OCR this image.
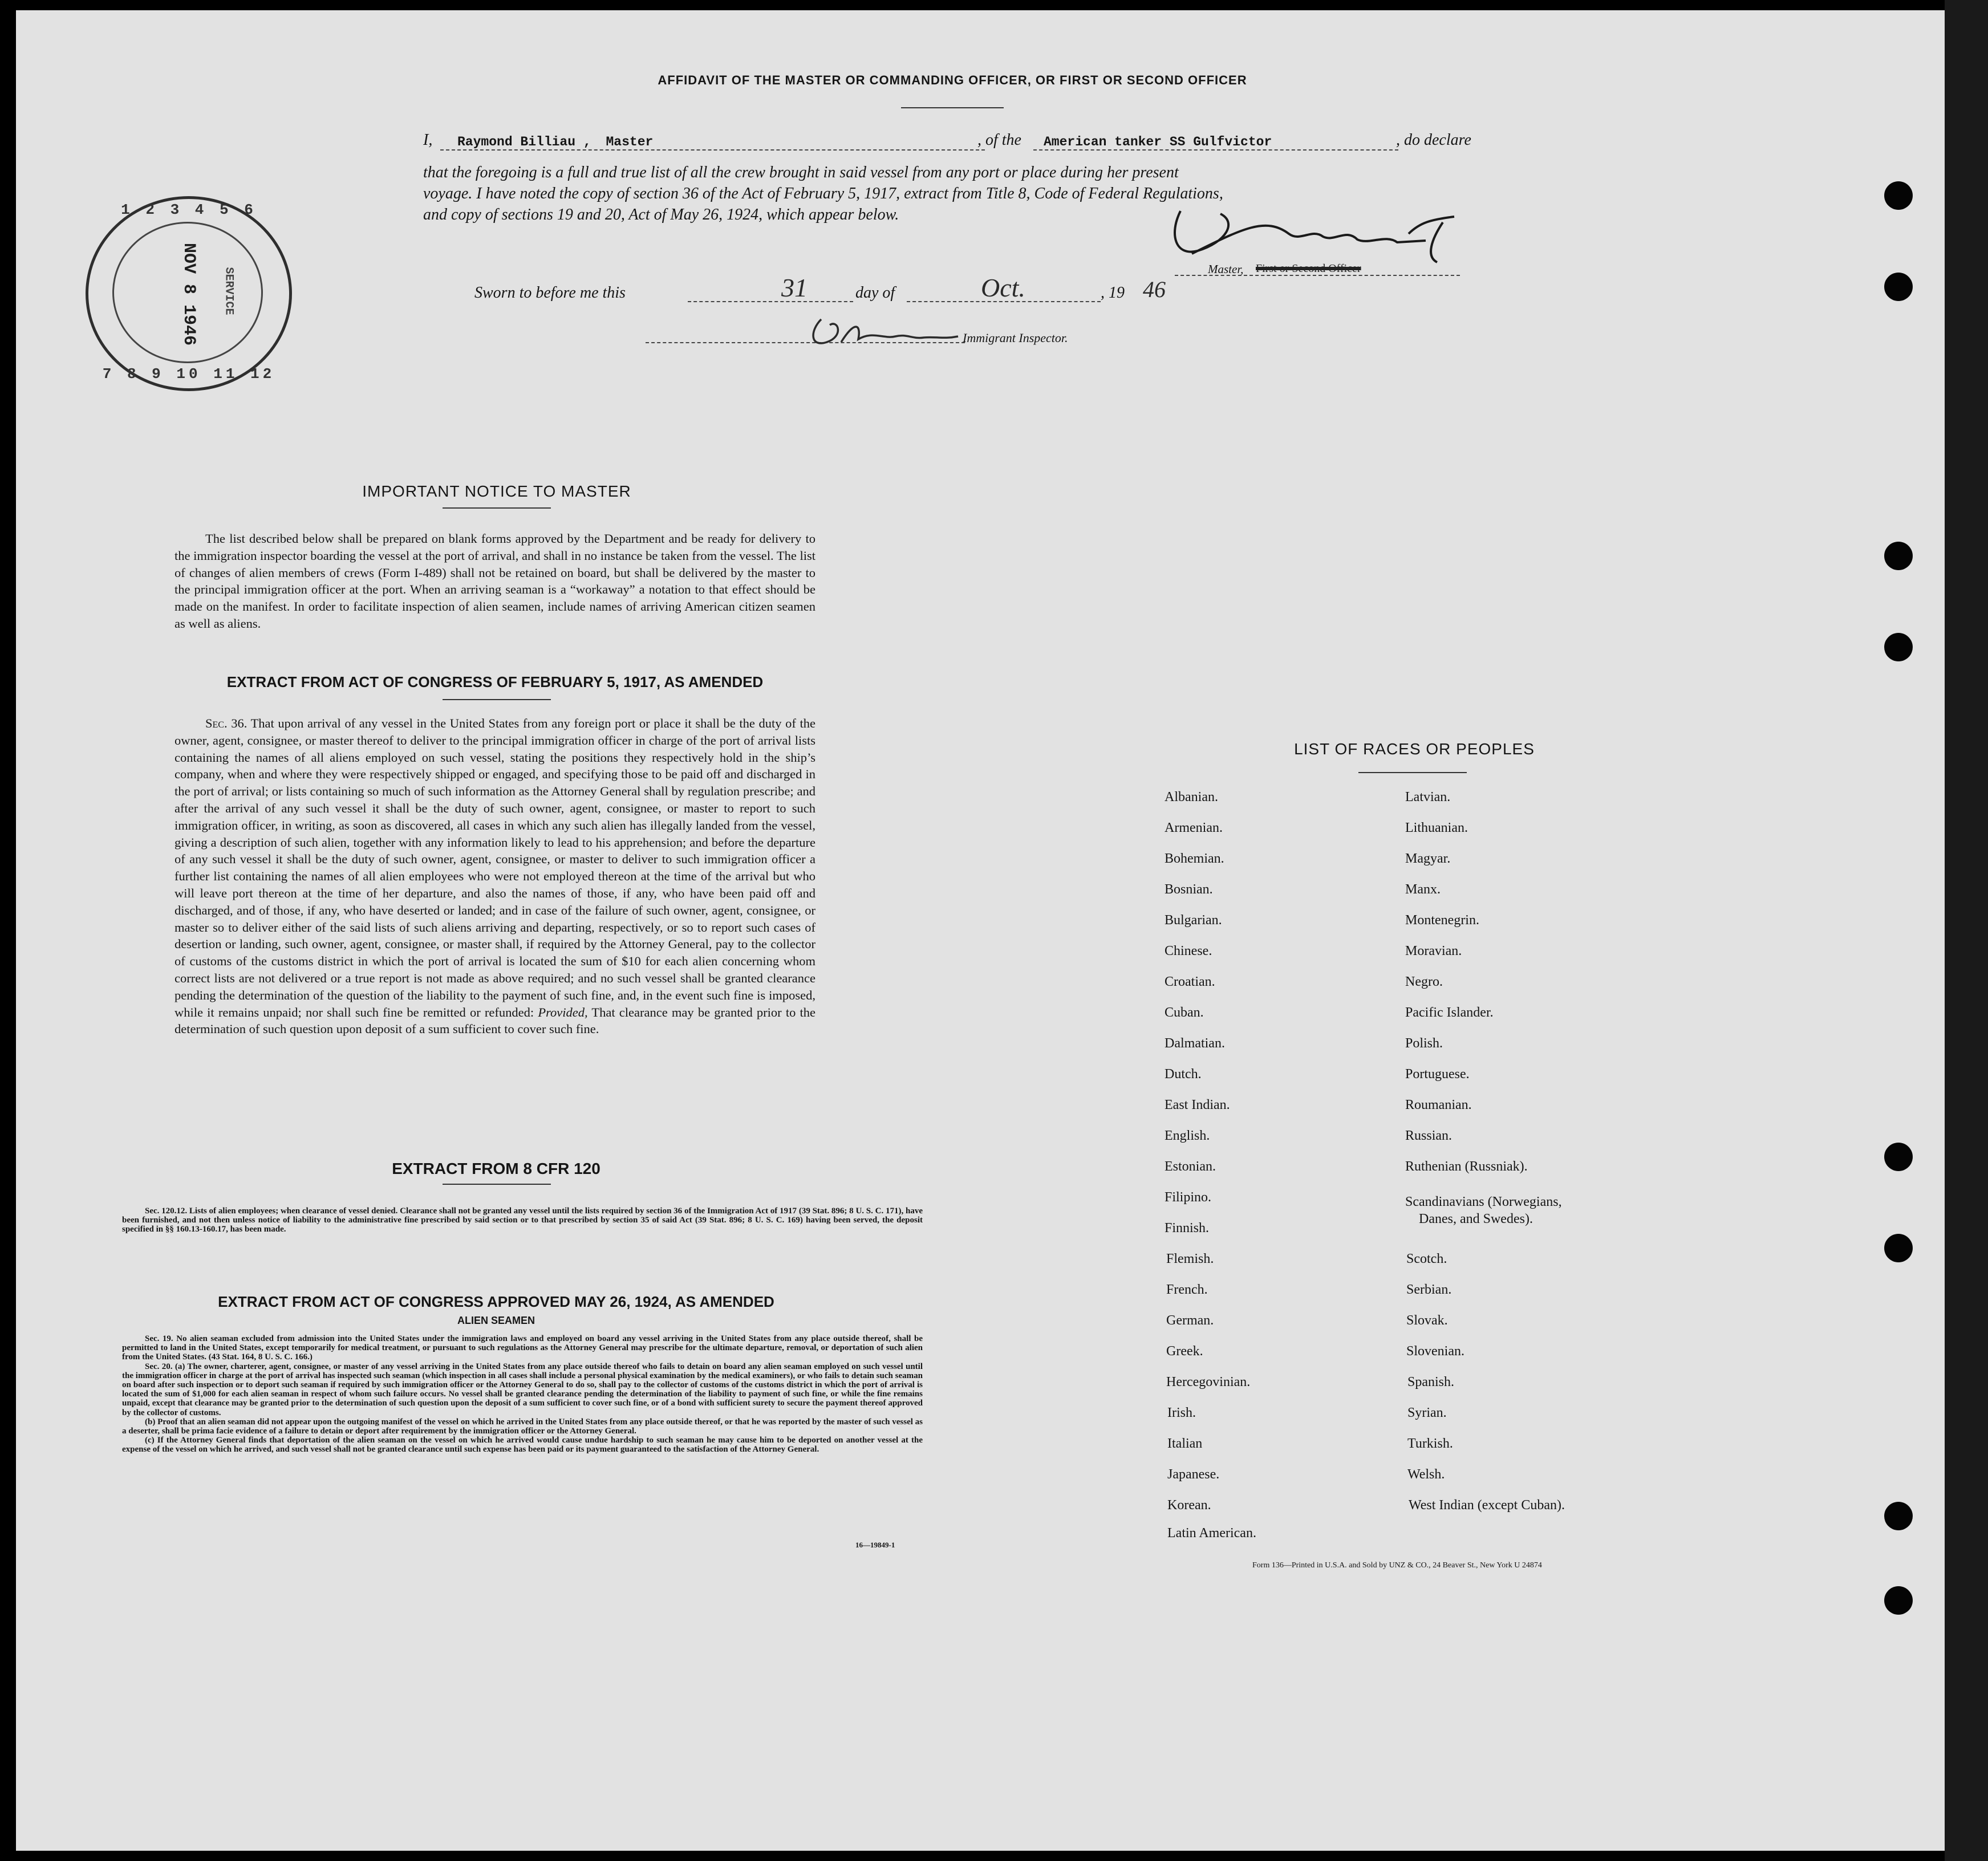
AFFIDAVIT OF THE MASTER OR COMMANDING OFFICER, OR FIRST OR SECOND OFFICER
I,	Raymond Billiau , Master	, of the	American tanker SS Gulfvictor	, do declare
that the foregoing is a full and true list of all the crew brought in said vessel from any port or place during her present
voyage. I have noted the copy of section 36 of the Act of February 5, 1917, extract from Title 8, Code of Federal Regulations,
and copy of sections 19 and 20, Act of May 26, 1924, which appear below.
Master, First or Second Officer
Sworn to before me this	31	day of	Oct.	, 19 46
Immigrant Inspector.
1 2 3 4 5 6
7 8 9 10 11 12
NOV 8 1946 SERVICE
IMPORTANT NOTICE TO MASTER
The list described below shall be prepared on blank forms approved by the Department and be ready for delivery to the immigration inspector boarding the vessel at the port of arrival, and shall in no instance be taken from the vessel. The list of changes of alien members of crews (Form I-489) shall not be retained on board, but shall be delivered by the master to the principal immigration officer at the port. When an arriving seaman is a “workaway” a notation to that effect should be made on the manifest. In order to facilitate inspection of alien seamen, include names of arriving American citizen seamen as well as aliens.
EXTRACT FROM ACT OF CONGRESS OF FEBRUARY 5, 1917, AS AMENDED
Sec. 36. That upon arrival of any vessel in the United States from any foreign port or place it shall be the duty of the owner, agent, consignee, or master thereof to deliver to the principal immigration officer in charge of the port of arrival lists containing the names of all aliens employed on such vessel, stating the positions they respectively hold in the ship’s company, when and where they were respectively shipped or engaged, and specifying those to be paid off and discharged in the port of arrival; or lists containing so much of such information as the Attorney General shall by regulation prescribe; and after the arrival of any such vessel it shall be the duty of such owner, agent, consignee, or master to report to such immigration officer, in writing, as soon as discovered, all cases in which any such alien has illegally landed from the vessel, giving a description of such alien, together with any information likely to lead to his apprehension; and before the departure of any such vessel it shall be the duty of such owner, agent, consignee, or master to deliver to such immigration officer a further list containing the names of all alien employees who were not employed thereon at the time of the arrival but who will leave port thereon at the time of her departure, and also the names of those, if any, who have been paid off and discharged, and of those, if any, who have deserted or landed; and in case of the failure of such owner, agent, consignee, or master so to deliver either of the said lists of such aliens arriving and departing, respectively, or so to report such cases of desertion or landing, such owner, agent, consignee, or master shall, if required by the Attorney General, pay to the collector of customs of the customs district in which the port of arrival is located the sum of $10 for each alien concerning whom correct lists are not delivered or a true report is not made as above required; and no such vessel shall be granted clearance pending the determination of the question of the liability to the payment of such fine, and, in the event such fine is imposed, while it remains unpaid; nor shall such fine be remitted or refunded: Provided, That clearance may be granted prior to the determination of such question upon deposit of a sum sufficient to cover such fine.
EXTRACT FROM 8 CFR 120
Sec. 120.12. Lists of alien employees; when clearance of vessel denied. Clearance shall not be granted any vessel until the lists required by section 36 of the Immigration Act of 1917 (39 Stat. 896; 8 U. S. C. 171), have been furnished, and not then unless notice of liability to the administrative fine prescribed by said section or to that prescribed by section 35 of said Act (39 Stat. 896; 8 U. S. C. 169) having been served, the deposit specified in §§ 160.13-160.17, has been made.
EXTRACT FROM ACT OF CONGRESS APPROVED MAY 26, 1924, AS AMENDED
ALIEN SEAMEN
Sec. 19. No alien seaman excluded from admission into the United States under the immigration laws and employed on board any vessel arriving in the United States from any place outside thereof, shall be permitted to land in the United States, except temporarily for medical treatment, or pursuant to such regulations as the Attorney General may prescribe for the ultimate departure, removal, or deportation of such alien from the United States. (43 Stat. 164, 8 U. S. C. 166.)
Sec. 20. (a) The owner, charterer, agent, consignee, or master of any vessel arriving in the United States from any place outside thereof who fails to detain on board any alien seaman employed on such vessel until the immigration officer in charge at the port of arrival has inspected such seaman (which inspection in all cases shall include a personal physical examination by the medical examiners), or who fails to detain such seaman on board after such inspection or to deport such seaman if required by such immigration officer or the Attorney General to do so, shall pay to the collector of customs of the customs district in which the port of arrival is located the sum of $1,000 for each alien seaman in respect of whom such failure occurs. No vessel shall be granted clearance pending the determination of the liability to payment of such fine, or while the fine remains unpaid, except that clearance may be granted prior to the determination of such question upon the deposit of a sum sufficient to cover such fine, or of a bond with sufficient surety to secure the payment thereof approved by the collector of customs.
(b) Proof that an alien seaman did not appear upon the outgoing manifest of the vessel on which he arrived in the United States from any place outside thereof, or that he was reported by the master of such vessel as a deserter, shall be prima facie evidence of a failure to detain or deport after requirement by the immigration officer or the Attorney General.
(c) If the Attorney General finds that deportation of the alien seaman on the vessel on which he arrived would cause undue hardship to such seaman he may cause him to be deported on another vessel at the expense of the vessel on which he arrived, and such vessel shall not be granted clearance until such expense has been paid or its payment guaranteed to the satisfaction of the Attorney General.
16—19849-1
LIST OF RACES OR PEOPLES
Albanian.
Armenian.
Bohemian.
Bosnian.
Bulgarian.
Chinese.
Croatian.
Cuban.
Dalmatian.
Dutch.
East Indian.
English.
Estonian.
Filipino.
Finnish.
Flemish.
French.
German.
Greek.
Hercegovinian.
Irish.
Italian
Japanese.
Korean.
Latin American.
Latvian.
Lithuanian.
Magyar.
Manx.
Montenegrin.
Moravian.
Negro.
Pacific Islander.
Polish.
Portuguese.
Roumanian.
Russian.
Ruthenian (Russniak).
Scandinavians (Norwegians,
Danes, and Swedes).
Scotch.
Serbian.
Slovak.
Slovenian.
Spanish.
Syrian.
Turkish.
Welsh.
West Indian (except Cuban).
Form 136—Printed in U.S.A. and Sold by UNZ & CO., 24 Beaver St., New York U 24874
